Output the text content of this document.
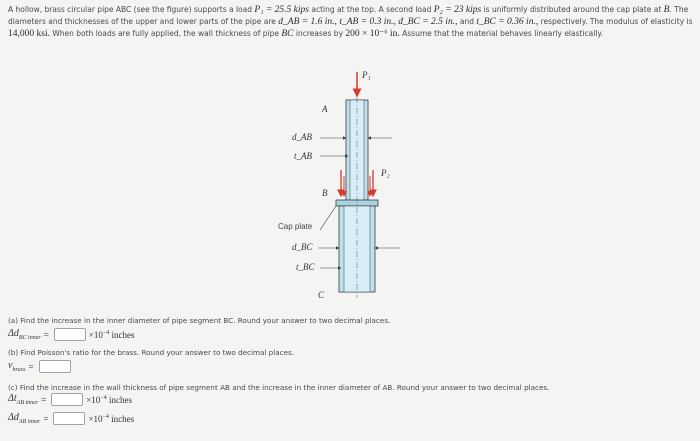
A hollow, brass circular pipe ABC (see the figure) supports a load P₁ = 25.5 kips acting at the top. A second load P₂ = 23 kips is uniformly distributed around the cap plate at B. The
diameters and thicknesses of the upper and lower parts of the pipe are d_AB = 1.6 in., t_AB = 0.3 in., d_BC = 2.5 in., and t_BC = 0.36 in., respectively. The modulus of elasticity is
14,000 ksi. When both loads are fully applied, the wall thickness of pipe BC increases by 200 × 10⁻⁶ in. Assume that the material behaves linearly elastically.
P₁
A
d_AB
t_AB
P₂
B
Cap plate
d_BC
t_BC
C
(a) Find the increase in the inner diameter of pipe segment BC. Round your answer to two decimal places.
$\Delta d_{BC inner}$ =	$\times 10^{-4}$ inches
(b) Find Poisson's ratio for the brass. Round your answer to two decimal places.
$\nu_{brass}$ =
(c) Find the increase in the wall thickness of pipe segment AB and the increase in the inner diameter of AB. Round your answer to two decimal places.
$\Delta t_{AB inner}$ =	$\times 10^{-4}$ inches
$\Delta d_{AB inner}$ =	$\times 10^{-4}$ inches
